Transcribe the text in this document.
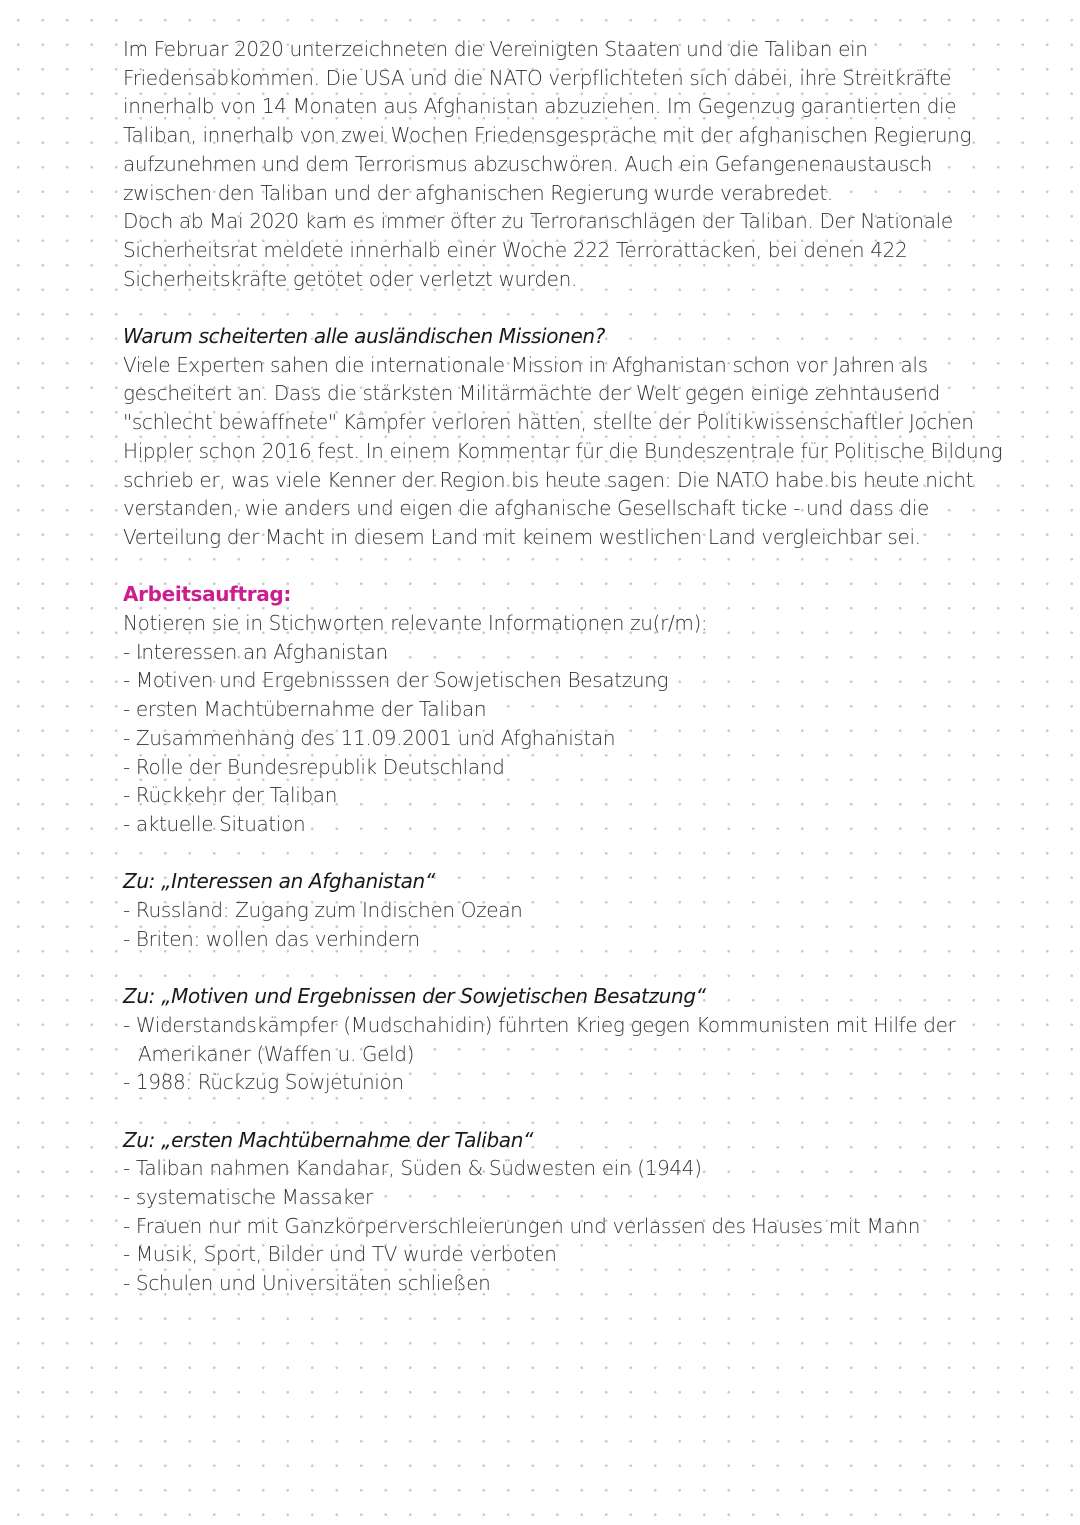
Im Februar 2020 unterzeichneten die Vereinigten Staaten und die Taliban ein Friedensabkommen. Die USA und die NATO verpflichteten sich dabei, ihre Streitkräfte innerhalb von 14 Monaten aus Afghanistan abzuziehen. Im Gegenzug garantierten die Taliban, innerhalb von zwei Wochen Friedensgespräche mit der afghanischen Regierung aufzunehmen und dem Terrorismus abzuschwören. Auch ein Gefangenenaustausch zwischen den Taliban und der afghanischen Regierung wurde verabredet.

Doch ab Mai 2020 kam es immer öfter zu Terroranschlägen der Taliban. Der Nationale Sicherheitsrat meldete innerhalb einer Woche 222 Terrorattacken, bei denen 422 Sicherheitskräfte getötet oder verletzt wurden.

Warum scheiterten alle ausländischen Missionen?

Viele Experten sahen die internationale Mission in Afghanistan schon vor Jahren als gescheitert an. Dass die stärksten Militärmächte der Welt gegen einige zehntausend "schlecht bewaffnete" Kämpfer verloren hätten, stellte der Politikwissenschaftler Jochen Hippler schon 2016 fest. In einem Kommentar für die Bundeszentrale für Politische Bildung schrieb er, was viele Kenner der Region bis heute sagen: Die NATO habe bis heute nicht verstanden, wie anders und eigen die afghanische Gesellschaft ticke - und dass die Verteilung der Macht in diesem Land mit keinem westlichen Land vergleichbar sei.

Arbeitsauftrag:

Notieren sie in Stichworten relevante Informationen zu(r/m):

- Interessen an Afghanistan
- Motiven und Ergebnisssen der Sowjetischen Besatzung
- ersten Machtübernahme der Taliban
- Zusammenhang des 11.09.2001 und Afghanistan
- Rolle der Bundesrepublik Deutschland
- Rückkehr der Taliban
- aktuelle Situation

Zu: „Interessen an Afghanistan“

- Russland: Zugang zum Indischen Ozean
- Briten: wollen das verhindern

Zu: „Motiven und Ergebnissen der Sowjetischen Besatzung“

- Widerstandskämpfer (Mudschahidin) führten Krieg gegen Kommunisten mit Hilfe der Amerikaner (Waffen u. Geld)
- 1988: Rückzug Sowjetunion

Zu: „ersten Machtübernahme der Taliban“

- Taliban nahmen Kandahar, Süden & Südwesten ein (1944)
- systematische Massaker
- Frauen nur mit Ganzkörperverschleierungen und verlassen des Hauses mit Mann
- Musik, Sport, Bilder und TV wurde verboten
- Schulen und Universitäten schließen
